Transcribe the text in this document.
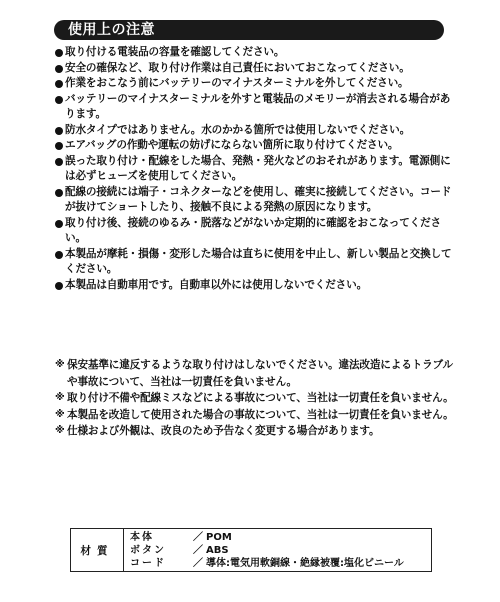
使用上の注意
取り付ける電装品の容量を確認してください。
安全の確保など、取り付け作業は自己責任においておこなってください。
作業をおこなう前にバッテリーのマイナスターミナルを外してください。
バッテリーのマイナスターミナルを外すと電装品のメモリーが消去される場合があります。
防水タイプではありません。水のかかる箇所では使用しないでください。
エアバッグの作動や運転の妨げにならない箇所に取り付けてください。
誤った取り付け・配線をした場合、発熱・発火などのおそれがあります。電源側には必ずヒューズを使用してください。
配線の接続には端子・コネクターなどを使用し、確実に接続してください。コードが抜けてショートしたり、接触不良による発熱の原因になります。
取り付け後、接続のゆるみ・脱落などがないか定期的に確認をおこなってください。
本製品が摩耗・損傷・変形した場合は直ちに使用を中止し、新しい製品と交換してください。
本製品は自動車用です。自動車以外には使用しないでください。
※ 保安基準に違反するような取り付けはしないでください。違法改造によるトラブルや事故について、当社は一切責任を負いません。
※ 取り付け不備や配線ミスなどによる事故について、当社は一切責任を負いません。
※ 本製品を改造して使用された場合の事故について、当社は一切責任を負いません。
※ 仕様および外観は、改良のため予告なく変更する場合があります。
材質
本体	／ POM
ボタン	／ ABS
コード	／ 導体:電気用軟銅線・絶縁被覆:塩化ビニール
